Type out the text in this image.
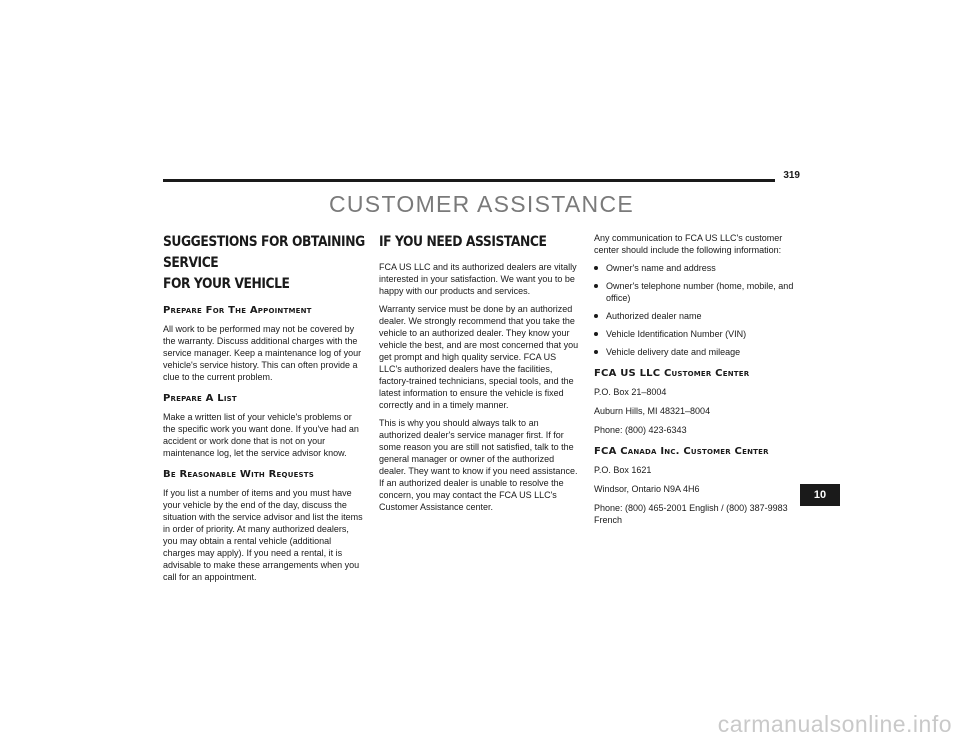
319
CUSTOMER ASSISTANCE
SUGGESTIONS FOR OBTAINING SERVICE
FOR YOUR VEHICLE
Prepare For The Appointment

All work to be performed may not be covered by the warranty. Discuss additional charges with the service manager. Keep a maintenance log of your vehicle's service history. This can often provide a clue to the current problem.

Prepare A List

Make a written list of your vehicle's problems or the specific work you want done. If you've had an accident or work done that is not on your maintenance log, let the service advisor know.

Be Reasonable With Requests

If you list a number of items and you must have your vehicle by the end of the day, discuss the situation with the service advisor and list the items in order of priority. At many authorized dealers, you may obtain a rental vehicle (additional charges may apply). If you need a rental, it is advisable to make these arrangements when you call for an appointment.

IF YOU NEED ASSISTANCE

FCA US LLC and its authorized dealers are vitally interested in your satisfaction. We want you to be happy with our products and services.

Warranty service must be done by an authorized dealer. We strongly recommend that you take the vehicle to an authorized dealer. They know your vehicle the best, and are most concerned that you get prompt and high quality service. FCA US LLC's authorized dealers have the facilities, factory-trained technicians, special tools, and the latest information to ensure the vehicle is fixed correctly and in a timely manner.

This is why you should always talk to an authorized dealer's service manager first. If for some reason you are still not satisfied, talk to the general manager or owner of the authorized dealer. They want to know if you need assistance. If an authorized dealer is unable to resolve the concern, you may contact the FCA US LLC's Customer Assistance center.

Any communication to FCA US LLC's customer center should include the following information:

Owner's name and address
Owner's telephone number (home, mobile, and office)
Authorized dealer name
Vehicle Identification Number (VIN)
Vehicle delivery date and mileage
FCA US LLC Customer Center

P.O. Box 21–8004

Auburn Hills, MI 48321–8004

Phone: (800) 423-6343

FCA Canada Inc. Customer Center

P.O. Box 1621

Windsor, Ontario N9A 4H6

Phone: (800) 465-2001 English / (800) 387-9983 French

10
carmanualsonline.info
